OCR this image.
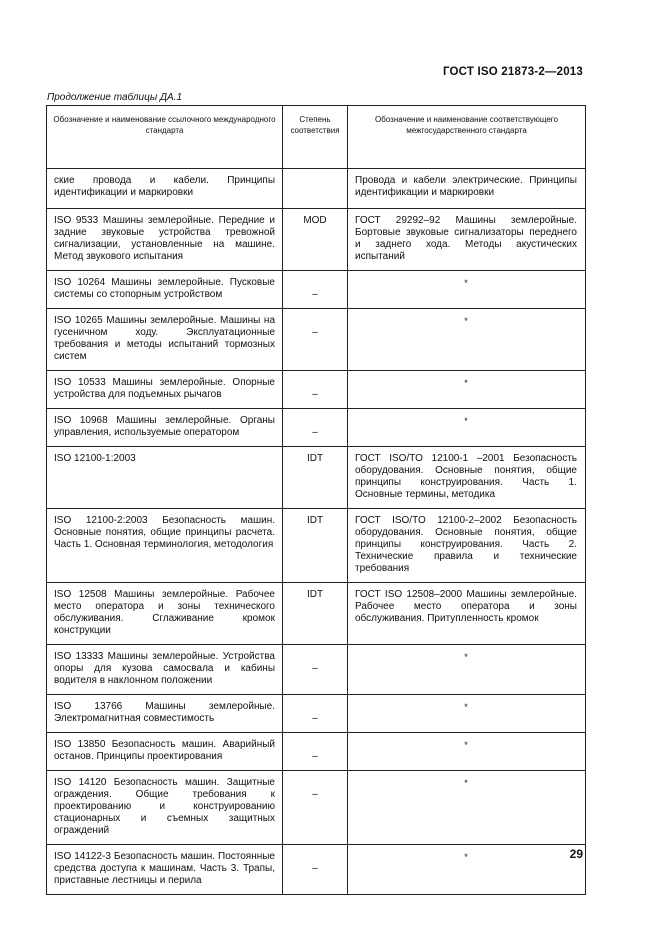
ГОСТ ISO 21873-2—2013
Продолжение таблицы ДА.1
Обозначение и наименование ссылочного международного стандарта	Степень соответствия	Обозначение и наименование соответствующего межгосударственного стандарта
ские провода и кабели. Принципы идентификации и маркировки		Провода и кабели электрические. Принципы идентификации и маркировки

ISO 9533 Машины землеройные. Передние и задние звуковые устройства тревожной сигнализации, установленные на машине. Метод звукового испытания	MOD	ГОСТ 29292–92 Машины землеройные. Бортовые звуковые сигнализаторы переднего и заднего хода. Методы акустических испытаний

ISO 10264 Машины землеройные. Пусковые системы со стопорным устройством	–	*

ISO 10265 Машины землеройные. Машины на гусеничном ходу. Эксплуатационные требования и методы испытаний тормозных систем	–	*

ISO 10533 Машины землеройные. Опорные устройства для подъемных рычагов	–	*

ISO 10968 Машины землеройные. Органы управления, используемые оператором	–	*

ISO 12100-1:2003	IDT	ГОСТ ISO/TO 12100-1 –2001 Безопасность оборудования. Основные понятия, общие принципы конструирования. Часть 1. Основные термины, методика

ISO 12100-2:2003 Безопасность машин. Основные понятия, общие принципы расчета. Часть 1. Основная терминология, методология	IDT	ГОСТ ISO/TO 12100-2–2002 Безопасность оборудования. Основные понятия, общие принципы конструирования. Часть 2. Технические правила и технические требования

ISO 12508 Машины землеройные. Рабочее место оператора и зоны технического обслуживания. Сглаживание кромок конструкции	IDT	ГОСТ ISO 12508–2000 Машины землеройные. Рабочее место оператора и зоны обслуживания. Притупленность кромок

ISO 13333 Машины землеройные. Устройства опоры для кузова самосвала и кабины водителя в наклонном положении	–	*

ISO 13766 Машины землеройные. Электромагнитная совместимость	–	*

ISO 13850 Безопасность машин. Аварийный останов. Принципы проектирования	–	*

ISO 14120 Безопасность машин. Защитные ограждения. Общие требования к проектированию и конструированию стационарных и съемных защитных ограждений	–	*

ISO 14122-3 Безопасность машин. Постоянные средства доступа к машинам. Часть 3. Трапы, приставные лестницы и перила	–	*	29
